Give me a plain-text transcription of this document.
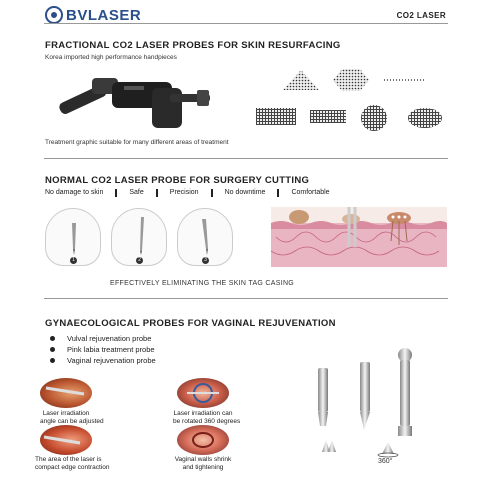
BVLASER	CO2 LASER
FRACTIONAL CO2 LASER PROBES FOR SKIN RESURFACING
Korea imported high performance handpieces
Treatment graphic suitable for many different areas of treatment
NORMAL CO2 LASER PROBE FOR SURGERY CUTTING
No damage to skin	Safe	Precision	No downtime	Comfortable
1	2	3
EFFECTIVELY ELIMINATING THE SKIN TAG CASING
GYNAECOLOGICAL PROBES FOR VAGINAL REJUVENATION
Vulval rejuvenation probe
Pink labia treatment probe
Vaginal rejuvenation probe
Laser irradiation
angle can be adjusted
Laser irradiation can
be rotated 360 degrees
The area of the laser is
compact edge contraction
Vaginal walls shrink
and tightening
360°
